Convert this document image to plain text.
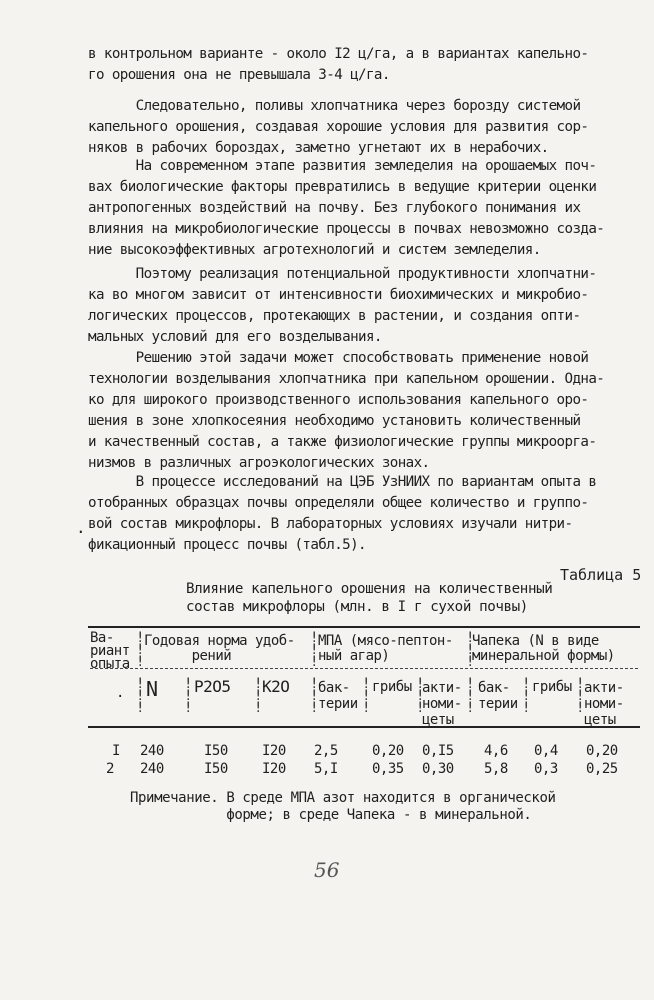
в контрольном варианте - около I2 ц/га, а в вариантах капельно-
го орошения она не превышала 3-4 ц/га.

Следовательно, поливы хлопчатника через борозду системой
капельного орошения, создавая хорошие условия для развития сор-
няков в рабочих бороздах, заметно угнетают их в нерабочих.

На современном этапе развития земледелия на орошаемых поч-
вах биологические факторы превратились в ведущие критерии оценки
антропогенных воздействий на почву. Без глубокого понимания их
влияния на микробиологические процессы в почвах невозможно созда-
ние высокоэффективных агротехнологий и систем земледелия.

Поэтому реализация потенциальной продуктивности хлопчатни-
ка во многом зависит от интенсивности биохимических и микробио-
логических процессов, протекающих в растении, и создания опти-
мальных условий для его возделывания.

Решению этой задачи может способствовать применение новой
технологии возделывания хлопчатника при капельном орошении. Одна-
ко для широкого производственного использования капельного оро-
шения в зоне хлопкосеяния необходимо установить количественный
и качественный состав, а также физиологические группы микроорга-
низмов в различных агроэкологических зонах.

В процессе исследований на ЦЭБ УзНИИХ по вариантам опыта в
отобранных образцах почвы определяли общее количество и группо-
вой состав микрофлоры. В лабораторных условиях изучали нитри-
фикационный процесс почвы (табл.5).

.

Таблица 5

Влияние капельного орошения на количественный
состав микрофлоры (млн. в I г сухой почвы)

Ва-
риант
опыта
Годовая норма удоб-
рений
МПА (мясо-пептон-
ный агар)
Чапека (N в виде
минеральной формы)
!
!
!
!
!
!
!
!
!
· N P2O5 K2O бак-
терии
грибы акти-
номи-
цеты
бак-
терии
грибы акти-
номи-
цеты
!
!
!
!
!
!
!
!
!
!
!
!
!
!
!
!
!
!
!
!
!
!
!
!
!
!
!
I 240	I50 I20 2,5 0,20 0,I5 4,6 0,4 0,20
2 240	I50 I20 5,I 0,35 0,30 5,8 0,3 0,25

Примечание. В среде МПА азот находится в органической
форме; в среде Чапека - в минеральной.

56
